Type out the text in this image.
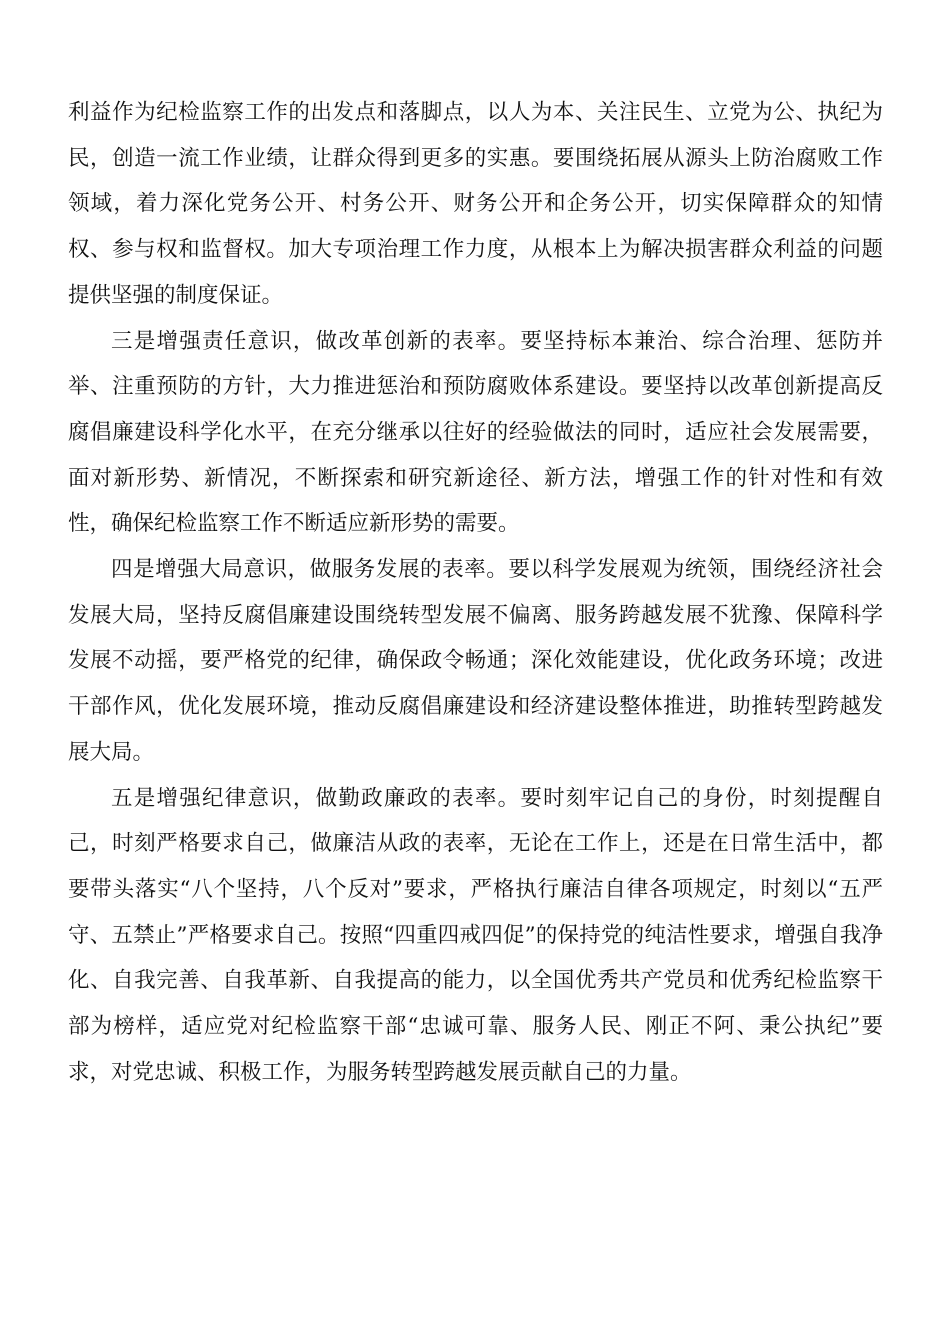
利益作为纪检监察工作的出发点和落脚点，以人为本、关注民生、立党为公、执纪为民，创造一流工作业绩，让群众得到更多的实惠。要围绕拓展从源头上防治腐败工作领域，着力深化党务公开、村务公开、财务公开和企务公开，切实保障群众的知情权、参与权和监督权。加大专项治理工作力度，从根本上为解决损害群众利益的问题提供坚强的制度保证。

三是增强责任意识，做改革创新的表率。要坚持标本兼治、综合治理、惩防并举、注重预防的方针，大力推进惩治和预防腐败体系建设。要坚持以改革创新提高反腐倡廉建设科学化水平，在充分继承以往好的经验做法的同时，适应社会发展需要，面对新形势、新情况，不断探索和研究新途径、新方法，增强工作的针对性和有效性，确保纪检监察工作不断适应新形势的需要。

四是增强大局意识，做服务发展的表率。要以科学发展观为统领，围绕经济社会发展大局，坚持反腐倡廉建设围绕转型发展不偏离、服务跨越发展不犹豫、保障科学发展不动摇，要严格党的纪律，确保政令畅通；深化效能建设，优化政务环境；改进干部作风，优化发展环境，推动反腐倡廉建设和经济建设整体推进，助推转型跨越发展大局。

五是增强纪律意识，做勤政廉政的表率。要时刻牢记自己的身份，时刻提醒自己，时刻严格要求自己，做廉洁从政的表率，无论在工作上，还是在日常生活中，都要带头落实“八个坚持，八个反对”要求，严格执行廉洁自律各项规定，时刻以“五严守、五禁止”严格要求自己。按照“四重四戒四促”的保持党的纯洁性要求，增强自我净化、自我完善、自我革新、自我提高的能力，以全国优秀共产党员和优秀纪检监察干部为榜样，适应党对纪检监察干部“忠诚可靠、服务人民、刚正不阿、秉公执纪”要求，对党忠诚、积极工作，为服务转型跨越发展贡献自己的力量。
